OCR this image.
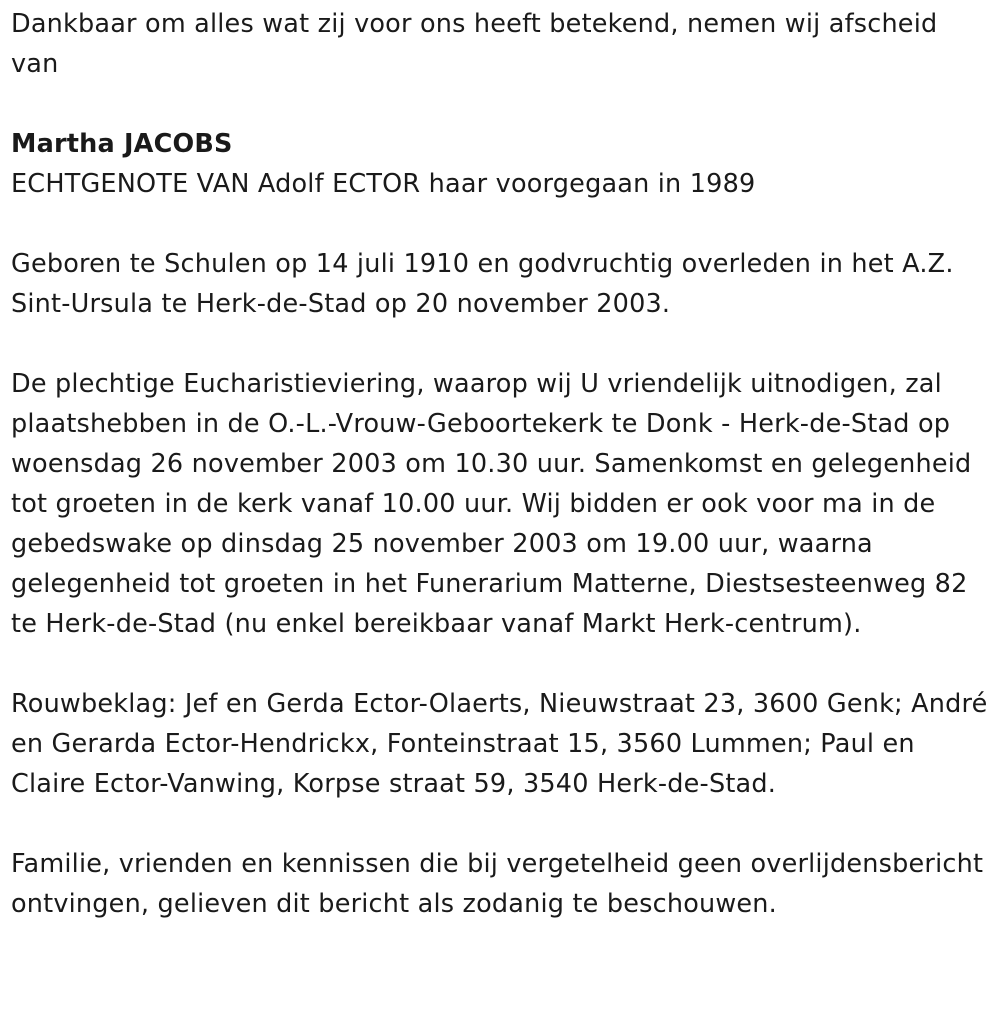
Dankbaar om alles wat zij voor ons heeft betekend, nemen wij afscheid van

Martha JACOBS

ECHTGENOTE VAN Adolf ECTOR haar voorgegaan in 1989

Geboren te Schulen op 14 juli 1910 en godvruchtig overleden in het A.Z. Sint-Ursula te Herk-de-Stad op 20 november 2003.

De plechtige Eucharistieviering, waarop wij U vriendelijk uitnodigen, zal plaatshebben in de O.-L.-Vrouw-Geboortekerk te Donk - Herk-de-Stad op woensdag 26 november 2003 om 10.30 uur. Samenkomst en gelegenheid tot groeten in de kerk vanaf 10.00 uur. Wij bidden er ook voor ma in de gebedswake op dinsdag 25 november 2003 om 19.00 uur, waarna gelegenheid tot groeten in het Funerarium Matterne, Diestsesteenweg 82 te Herk-de-Stad (nu enkel bereikbaar vanaf Markt Herk-centrum).

Rouwbeklag: Jef en Gerda Ector-Olaerts, Nieuwstraat 23, 3600 Genk; André en Gerarda Ector-Hendrickx, Fonteinstraat 15, 3560 Lummen; Paul en Claire Ector-Vanwing, Korpse straat 59, 3540 Herk-de-Stad.

Familie, vrienden en kennissen die bij vergetelheid geen overlijdensbericht ontvingen, gelieven dit bericht als zodanig te beschouwen.
